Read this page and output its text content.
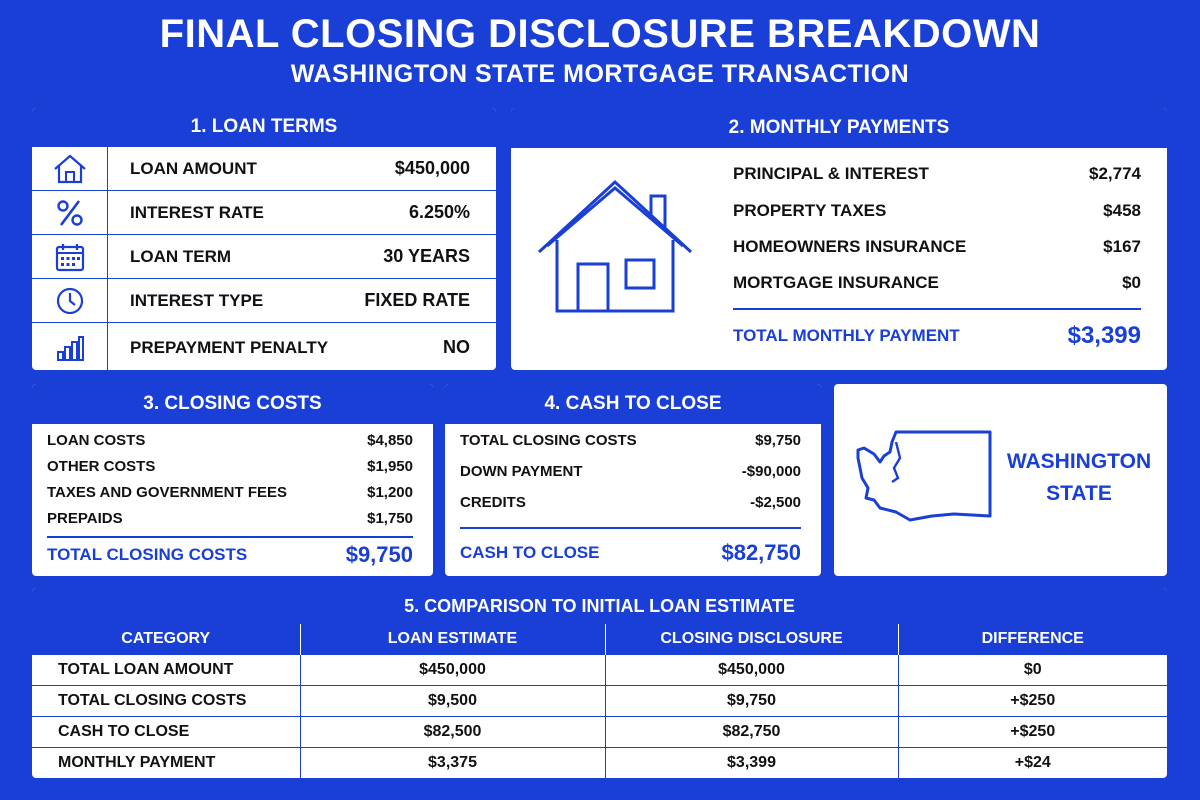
FINAL CLOSING DISCLOSURE BREAKDOWN
WASHINGTON STATE MORTGAGE TRANSACTION
1. LOAN TERMS
LOAN AMOUNT	$450,000
INTEREST RATE	6.250%
LOAN TERM	30 YEARS
INTEREST TYPE	FIXED RATE
PREPAYMENT PENALTY	NO
2. MONTHLY PAYMENTS
PRINCIPAL & INTEREST	$2,774
PROPERTY TAXES	$458
HOMEOWNERS INSURANCE	$167
MORTGAGE INSURANCE	$0
TOTAL MONTHLY PAYMENT	$3,399
3. CLOSING COSTS
LOAN COSTS	$4,850
OTHER COSTS	$1,950
TAXES AND GOVERNMENT FEES	$1,200
PREPAIDS	$1,750
TOTAL CLOSING COSTS	$9,750
4. CASH TO CLOSE
TOTAL CLOSING COSTS	$9,750
DOWN PAYMENT	-$90,000
CREDITS	-$2,500
CASH TO CLOSE	$82,750
WASHINGTON
STATE
5. COMPARISON TO INITIAL LOAN ESTIMATE
CATEGORY	LOAN ESTIMATE	CLOSING DISCLOSURE	DIFFERENCE
TOTAL LOAN AMOUNT	$450,000	$450,000	$0
TOTAL CLOSING COSTS	$9,500	$9,750	+$250
CASH TO CLOSE	$82,500	$82,750	+$250
MONTHLY PAYMENT	$3,375	$3,399	+$24
